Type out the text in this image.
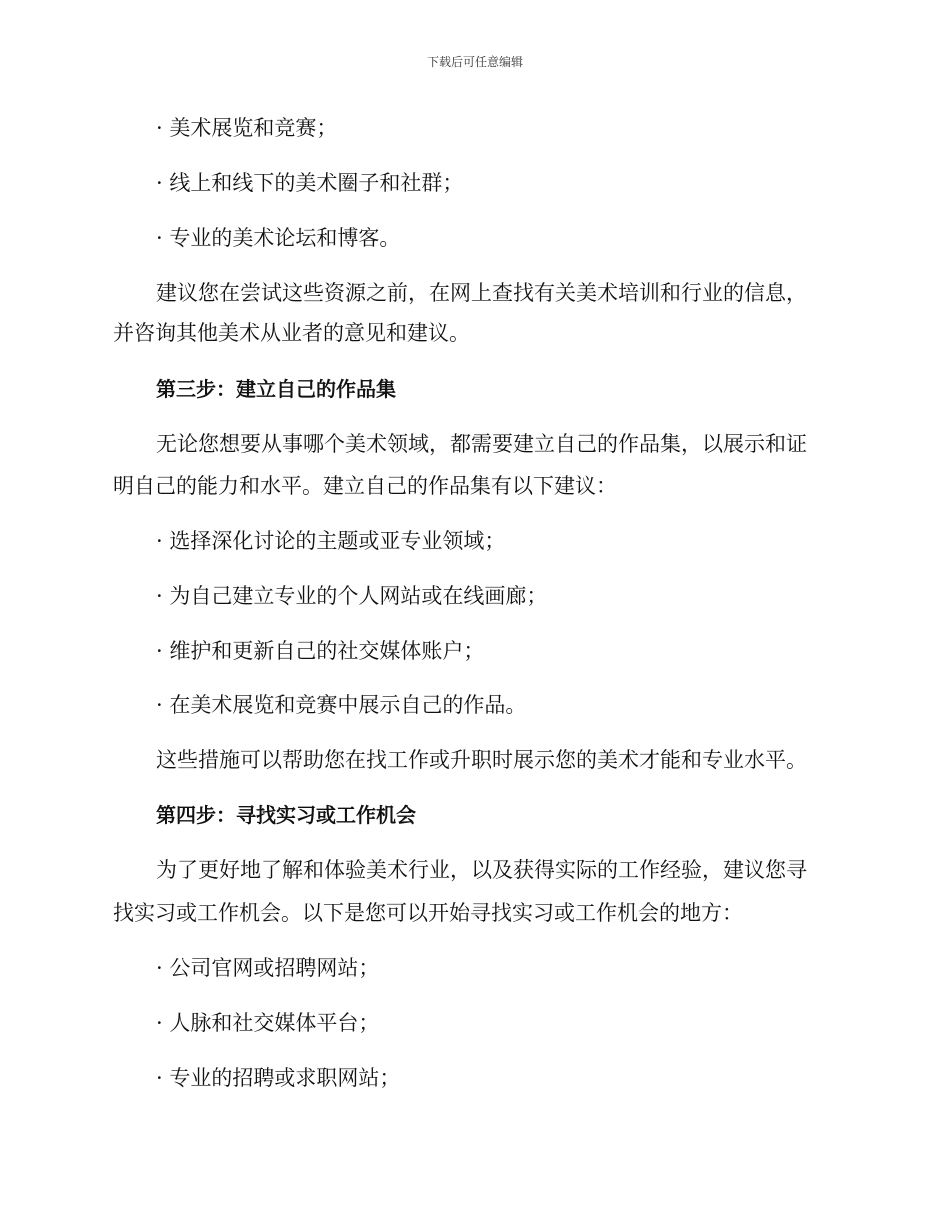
下载后可任意编辑
· 美术展览和竞赛；
· 线上和线下的美术圈子和社群；
· 专业的美术论坛和博客。
建议您在尝试这些资源之前，在网上查找有关美术培训和行业的信息，
并咨询其他美术从业者的意见和建议。
第三步：建立自己的作品集
无论您想要从事哪个美术领域，都需要建立自己的作品集，以展示和证
明自己的能力和水平。建立自己的作品集有以下建议：
· 选择深化讨论的主题或亚专业领域；
· 为自己建立专业的个人网站或在线画廊；
· 维护和更新自己的社交媒体账户；
· 在美术展览和竞赛中展示自己的作品。
这些措施可以帮助您在找工作或升职时展示您的美术才能和专业水平。
第四步：寻找实习或工作机会
为了更好地了解和体验美术行业，以及获得实际的工作经验，建议您寻
找实习或工作机会。以下是您可以开始寻找实习或工作机会的地方：
· 公司官网或招聘网站；
· 人脉和社交媒体平台；
· 专业的招聘或求职网站；
